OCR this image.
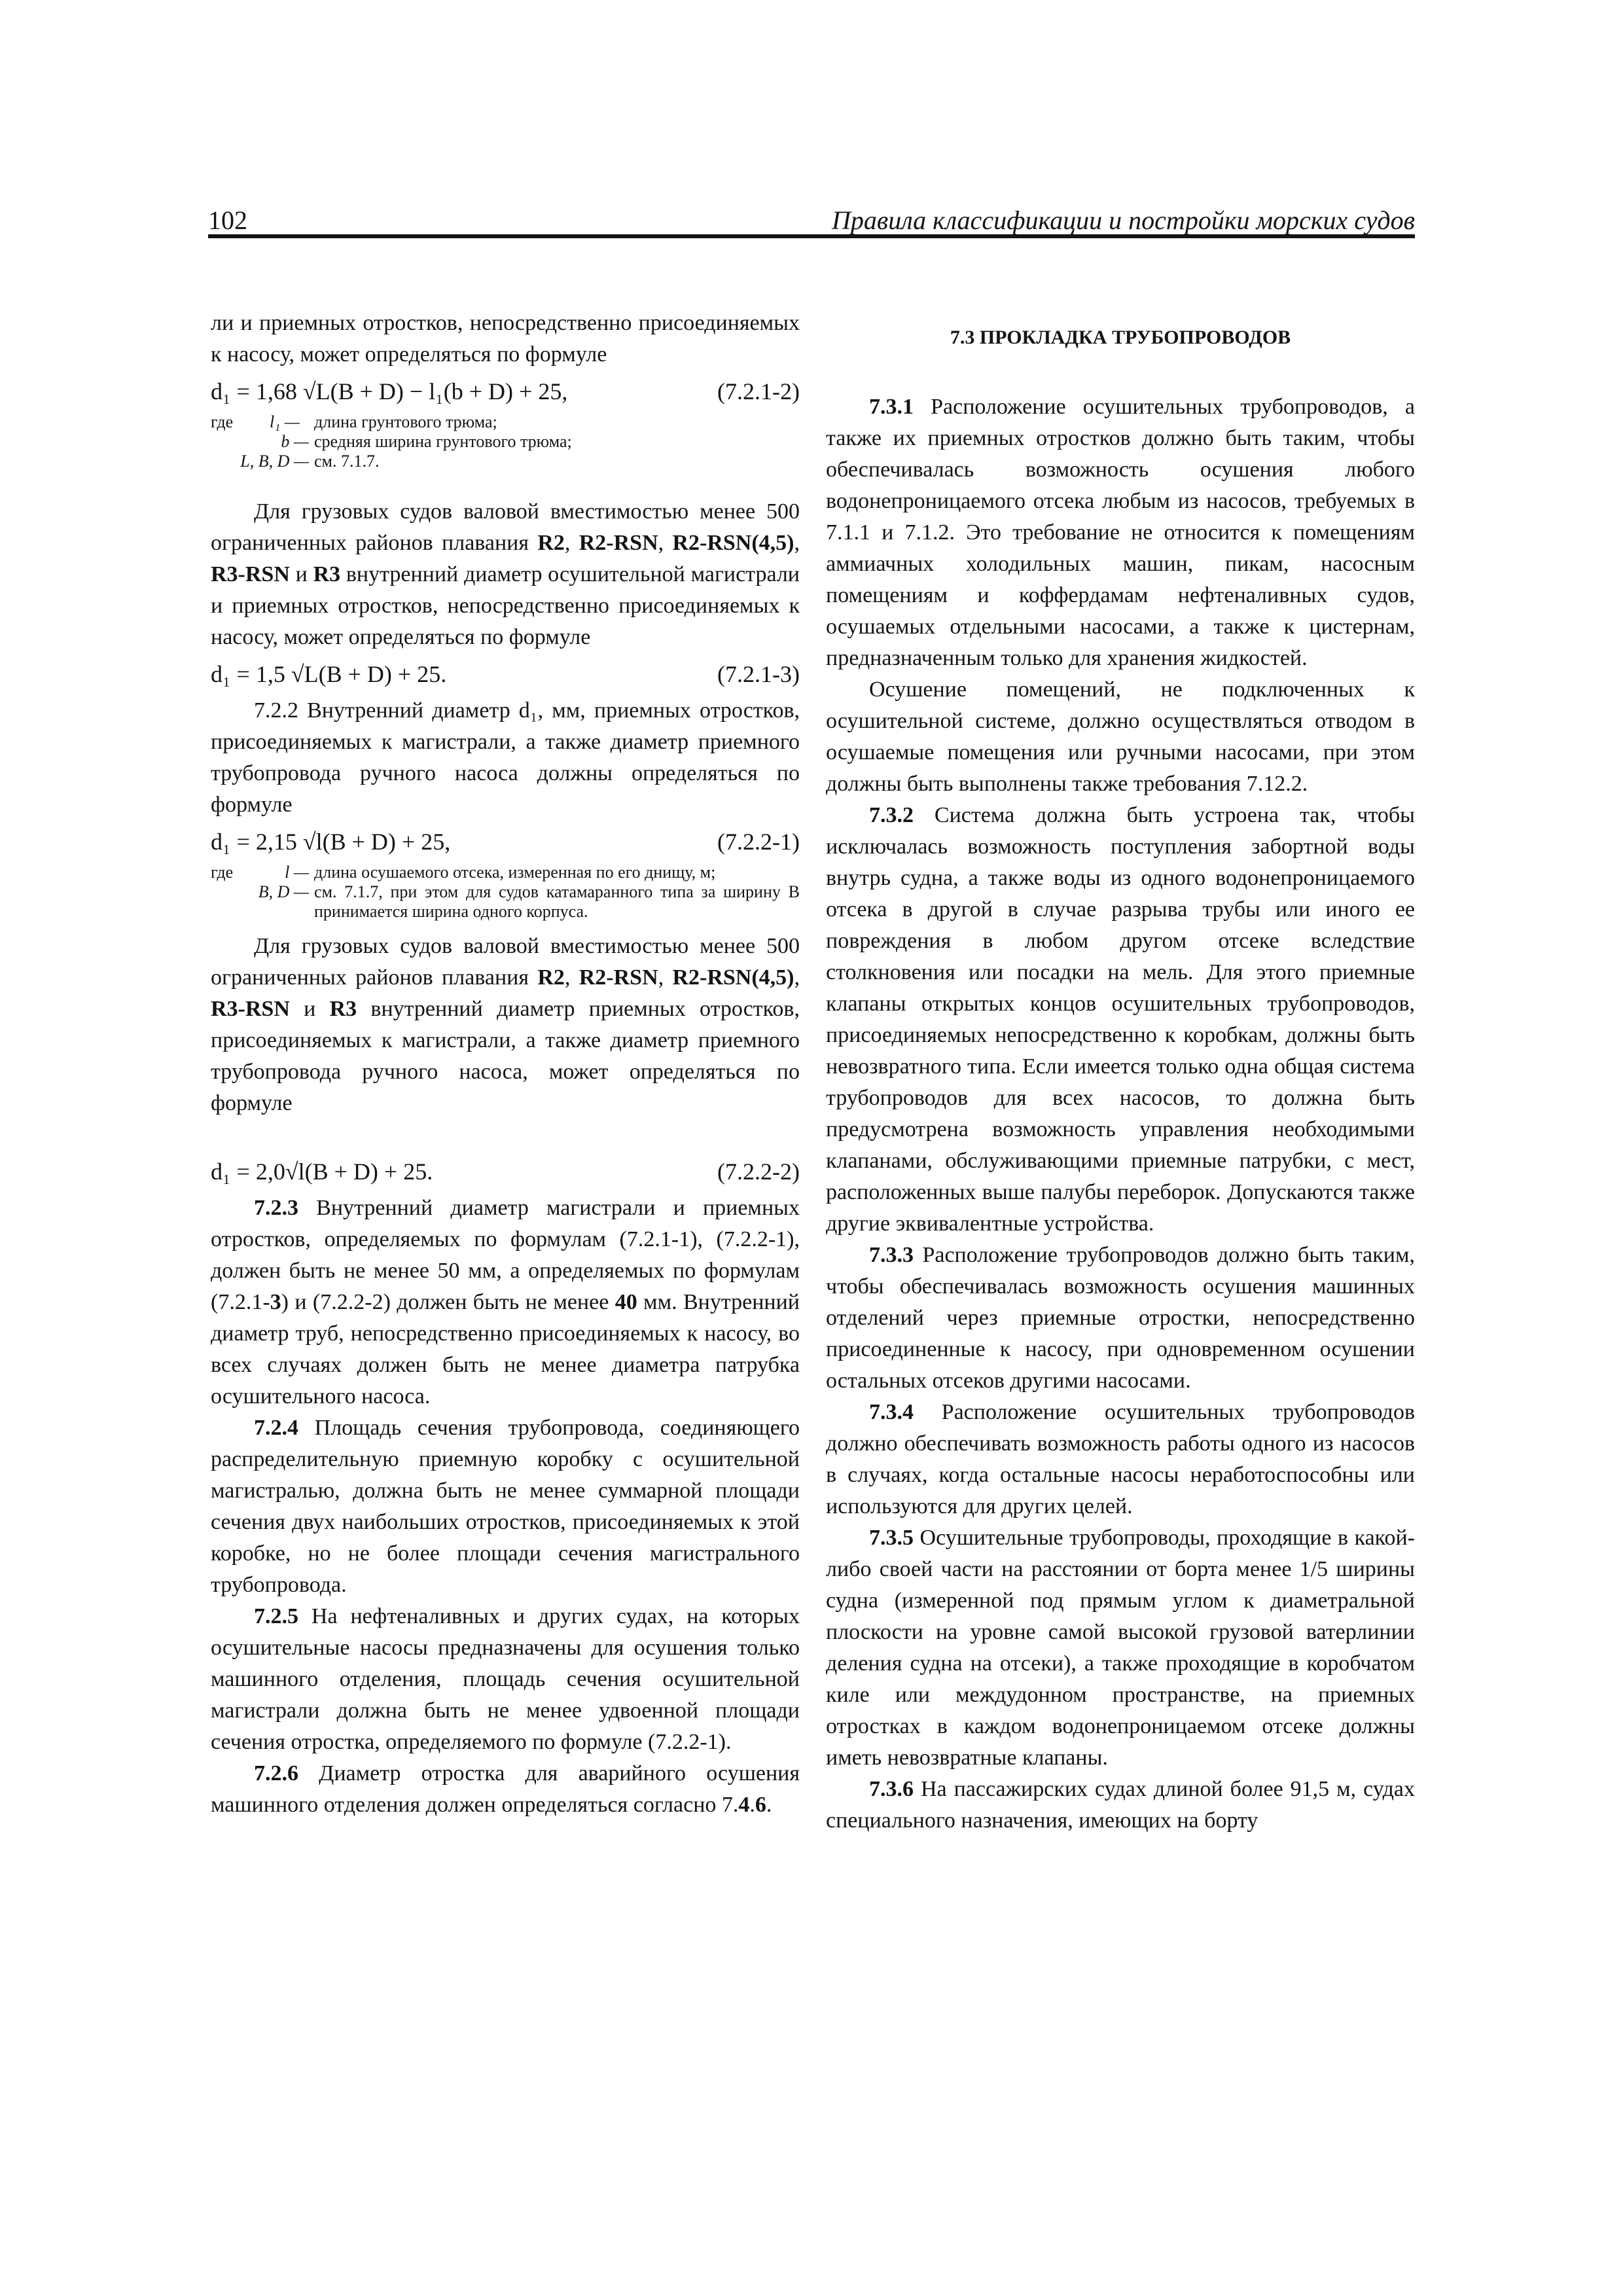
102	Правила классификации и постройки морских судов

ли и приемных отростков, непосредственно присоединяемых к насосу, может определяться по формуле

d₁ = 1,68 √L(B + D) − l₁(b + D) + 25,	(7.2.1-2)
где	l₁ — длина грунтового трюма;
b — средняя ширина грунтового трюма;
L, B, D — см. 7.1.7.

Для грузовых судов валовой вместимостью менее 500 ограниченных районов плавания R2, R2-RSN, R2-RSN(4,5), R3-RSN и R3 внутренний диаметр осушительной магистрали и приемных отростков, непосредственно присоединяемых к насосу, может определяться по формуле

d₁ = 1,5 √L(B + D) + 25.	(7.2.1-3)

7.2.2 Внутренний диаметр d₁, мм, приемных отростков, присоединяемых к магистрали, а также диаметр приемного трубопровода ручного насоса должны определяться по формуле

d₁ = 2,15 √l(B + D) + 25,	(7.2.2-1)
где	l — длина осушаемого отсека, измеренная по его днищу, м;
B, D — см. 7.1.7, при этом для судов катамаранного типа за ширину B принимается ширина одного корпуса.

Для грузовых судов валовой вместимостью менее 500 ограниченных районов плавания R2, R2-RSN, R2-RSN(4,5), R3-RSN и R3 внутренний диаметр приемных отростков, присоединяемых к магистрали, а также диаметр приемного трубопровода ручного насоса, может определяться по формуле

d₁ = 2,0√l(B + D) + 25.	(7.2.2-2)

7.2.3 Внутренний диаметр магистрали и приемных отростков, определяемых по формулам (7.2.1-1), (7.2.2-1), должен быть не менее 50 мм, а определяемых по формулам (7.2.1-3) и (7.2.2-2) должен быть не менее 40 мм. Внутренний диаметр труб, непосредственно присоединяемых к насосу, во всех случаях должен быть не менее диаметра патрубка осушительного насоса.

7.2.4 Площадь сечения трубопровода, соединяющего распределительную приемную коробку с осушительной магистралью, должна быть не менее суммарной площади сечения двух наибольших отростков, присоединяемых к этой коробке, но не более площади сечения магистрального трубопровода.

7.2.5 На нефтеналивных и других судах, на которых осушительные насосы предназначены для осушения только машинного отделения, площадь сечения осушительной магистрали должна быть не менее удвоенной площади сечения отростка, определяемого по формуле (7.2.2-1).

7.2.6 Диаметр отростка для аварийного осушения машинного отделения должен определяться согласно 7.4.6.

7.3 ПРОКЛАДКА ТРУБОПРОВОДОВ

7.3.1 Расположение осушительных трубопроводов, а также их приемных отростков должно быть таким, чтобы обеспечивалась возможность осушения любого водонепроницаемого отсека любым из насосов, требуемых в 7.1.1 и 7.1.2. Это требование не относится к помещениям аммиачных холодильных машин, пикам, насосным помещениям и коффердамам нефтеналивных судов, осушаемых отдельными насосами, а также к цистернам, предназначенным только для хранения жидкостей.

Осушение помещений, не подключенных к осушительной системе, должно осуществляться отводом в осушаемые помещения или ручными насосами, при этом должны быть выполнены также требования 7.12.2.

7.3.2 Система должна быть устроена так, чтобы исключалась возможность поступления забортной воды внутрь судна, а также воды из одного водонепроницаемого отсека в другой в случае разрыва трубы или иного ее повреждения в любом другом отсеке вследствие столкновения или посадки на мель. Для этого приемные клапаны открытых концов осушительных трубопроводов, присоединяемых непосредственно к коробкам, должны быть невозвратного типа. Если имеется только одна общая система трубопроводов для всех насосов, то должна быть предусмотрена возможность управления необходимыми клапанами, обслуживающими приемные патрубки, с мест, расположенных выше палубы переборок. Допускаются также другие эквивалентные устройства.

7.3.3 Расположение трубопроводов должно быть таким, чтобы обеспечивалась возможность осушения машинных отделений через приемные отростки, непосредственно присоединенные к насосу, при одновременном осушении остальных отсеков другими насосами.

7.3.4 Расположение осушительных трубопроводов должно обеспечивать возможность работы одного из насосов в случаях, когда остальные насосы неработоспособны или используются для других целей.

7.3.5 Осушительные трубопроводы, проходящие в какой-либо своей части на расстоянии от борта менее 1/5 ширины судна (измеренной под прямым углом к диаметральной плоскости на уровне самой высокой грузовой ватерлинии деления судна на отсеки), а также проходящие в коробчатом киле или междудонном пространстве, на приемных отростках в каждом водонепроницаемом отсеке должны иметь невозвратные клапаны.

7.3.6 На пассажирских судах длиной более 91,5 м, судах специального назначения, имеющих на борту
